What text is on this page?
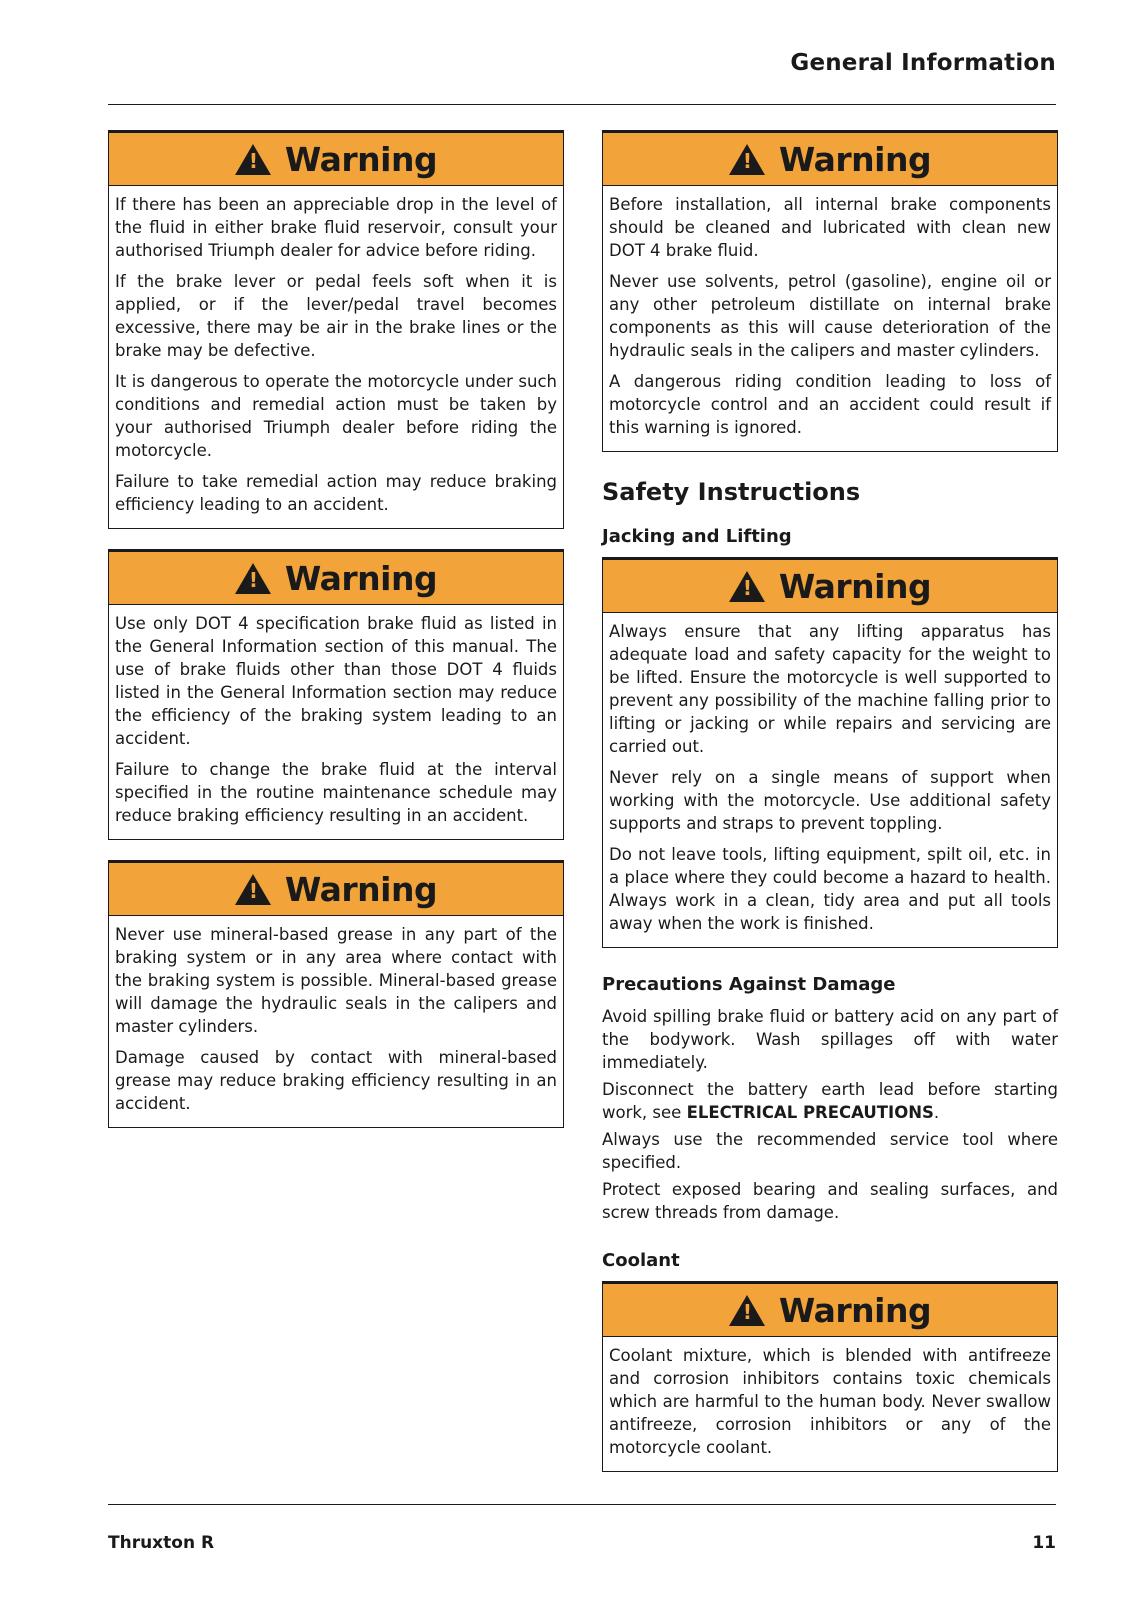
General Information
! Warning

If there has been an appreciable drop in the level of the fluid in either brake fluid reservoir, consult your authorised Triumph dealer for advice before riding.

If the brake lever or pedal feels soft when it is applied, or if the lever/pedal travel becomes excessive, there may be air in the brake lines or the brake may be defective.

It is dangerous to operate the motorcycle under such conditions and remedial action must be taken by your authorised Triumph dealer before riding the motorcycle.

Failure to take remedial action may reduce braking efficiency leading to an accident.

! Warning

Use only DOT 4 specification brake fluid as listed in the General Information section of this manual. The use of brake fluids other than those DOT 4 fluids listed in the General Information section may reduce the efficiency of the braking system leading to an accident.

Failure to change the brake fluid at the interval specified in the routine maintenance schedule may reduce braking efficiency resulting in an accident.

! Warning

Never use mineral-based grease in any part of the braking system or in any area where contact with the braking system is possible. Mineral-based grease will damage the hydraulic seals in the calipers and master cylinders.

Damage caused by contact with mineral-based grease may reduce braking efficiency resulting in an accident.

! Warning

Before installation, all internal brake components should be cleaned and lubricated with clean new DOT 4 brake fluid.

Never use solvents, petrol (gasoline), engine oil or any other petroleum distillate on internal brake components as this will cause deterioration of the hydraulic seals in the calipers and master cylinders.

A dangerous riding condition leading to loss of motorcycle control and an accident could result if this warning is ignored.

Safety Instructions
Jacking and Lifting
! Warning

Always ensure that any lifting apparatus has adequate load and safety capacity for the weight to be lifted. Ensure the motorcycle is well supported to prevent any possibility of the machine falling prior to lifting or jacking or while repairs and servicing are carried out.

Never rely on a single means of support when working with the motorcycle. Use additional safety supports and straps to prevent toppling.

Do not leave tools, lifting equipment, spilt oil, etc. in a place where they could become a hazard to health. Always work in a clean, tidy area and put all tools away when the work is finished.

Precautions Against Damage

Avoid spilling brake fluid or battery acid on any part of the bodywork. Wash spillages off with water immediately.

Disconnect the battery earth lead before starting work, see ELECTRICAL PRECAUTIONS.

Always use the recommended service tool where specified.

Protect exposed bearing and sealing surfaces, and screw threads from damage.

Coolant
! Warning

Coolant mixture, which is blended with antifreeze and corrosion inhibitors contains toxic chemicals which are harmful to the human body. Never swallow antifreeze, corrosion inhibitors or any of the motorcycle coolant.

Thruxton R	11
